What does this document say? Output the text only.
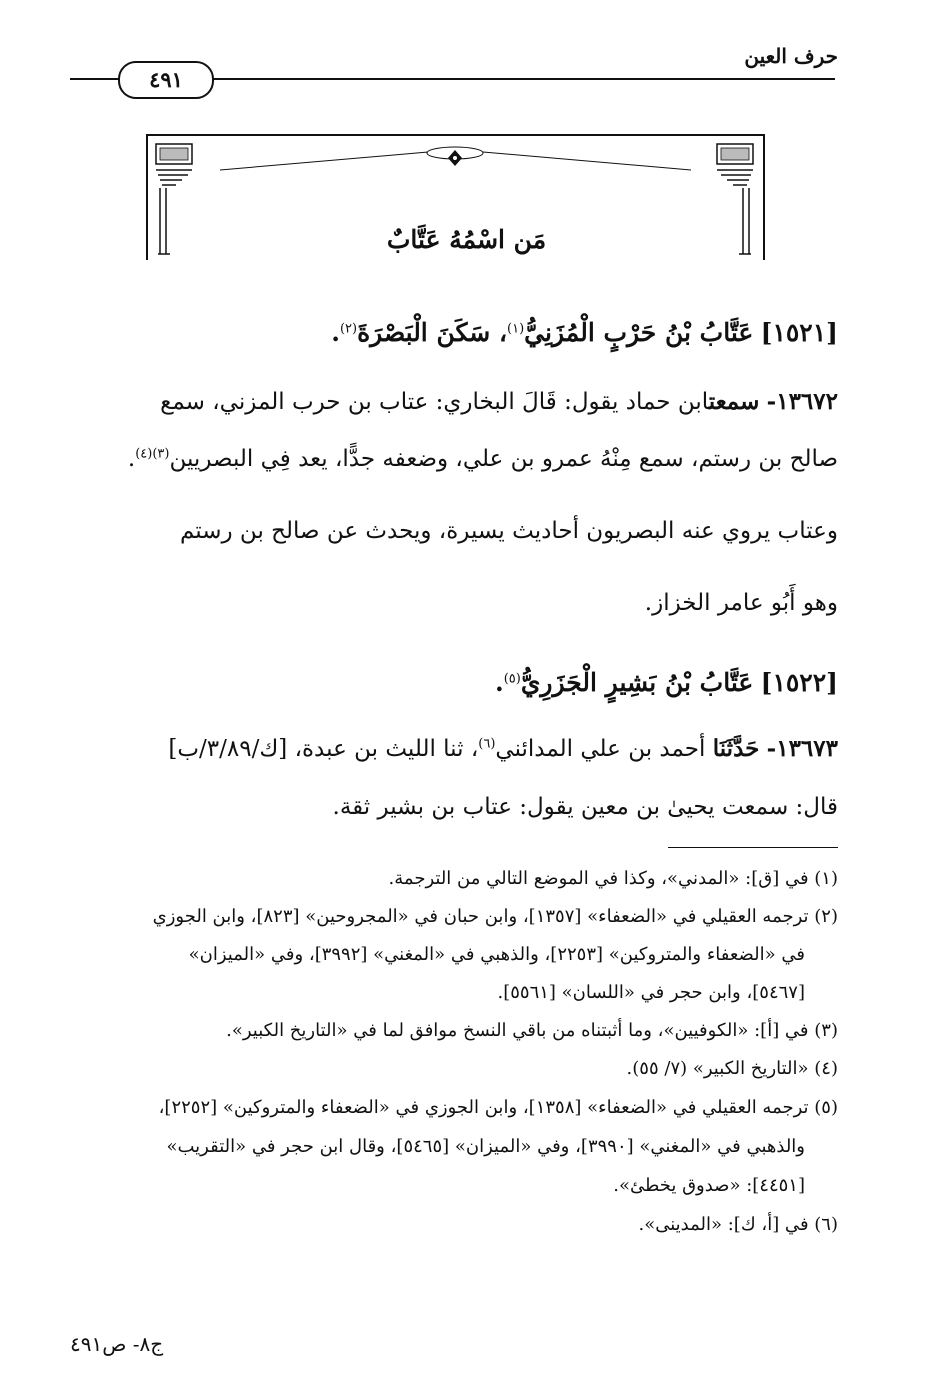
حرف العين
٤٩١
مَن اسْمُهُ عَتَّابٌ
[١٥٢١] عَتَّابُ بْنُ حَرْبٍ الْمُزَنِيُّ$^{(١)}$، سَكَنَ الْبَصْرَةَ$^{(٢)}$.
١٣٦٧٢- سمعتابن حماد يقول: قَالَ البخاري: عتاب بن حرب المزني، سمع
صالح بن رستم، سمع مِنْهُ عمرو بن علي، وضعفه جدًّا، يعد فِي البصريين$^{(٣)(٤)}$.
وعتاب يروي عنه البصريون أحاديث يسيرة، ويحدث عن صالح بن رستم
وهو أَبُو عامر الخزاز.
[١٥٢٢] عَتَّابُ بْنُ بَشِيرٍ الْجَزَرِيُّ$^{(٥)}$.
١٣٦٧٣- حَدَّثَنَا أحمد بن علي المدائني$^{(٦)}$، ثنا الليث بن عبدة، [ك/٣/٨٩/ب]
قال: سمعت يحيىٰ بن معين يقول: عتاب بن بشير ثقة.
(١) في [ق]: «المدني»، وكذا في الموضع التالي من الترجمة.
(٢) ترجمه العقيلي في «الضعفاء» [١٣٥٧]، وابن حبان في «المجروحين» [٨٢٣]، وابن الجوزي
في «الضعفاء والمتروكين» [٢٢٥٣]، والذهبي في «المغني» [٣٩٩٢]، وفي «الميزان»
[٥٤٦٧]، وابن حجر في «اللسان» [٥٥٦١].
(٣) في [أ]: «الكوفيين»، وما أثبتناه من باقي النسخ موافق لما في «التاريخ الكبير».
(٤) «التاريخ الكبير» (٧/ ٥٥).
(٥) ترجمه العقيلي في «الضعفاء» [١٣٥٨]، وابن الجوزي في «الضعفاء والمتروكين» [٢٢٥٢]،
والذهبي في «المغني» [٣٩٩٠]، وفي «الميزان» [٥٤٦٥]، وقال ابن حجر في «التقريب»
[٤٤٥١]: «صدوق يخطئ».
(٦) في [أ، ك]: «المدينى».
ج٨- ص٤٩١
